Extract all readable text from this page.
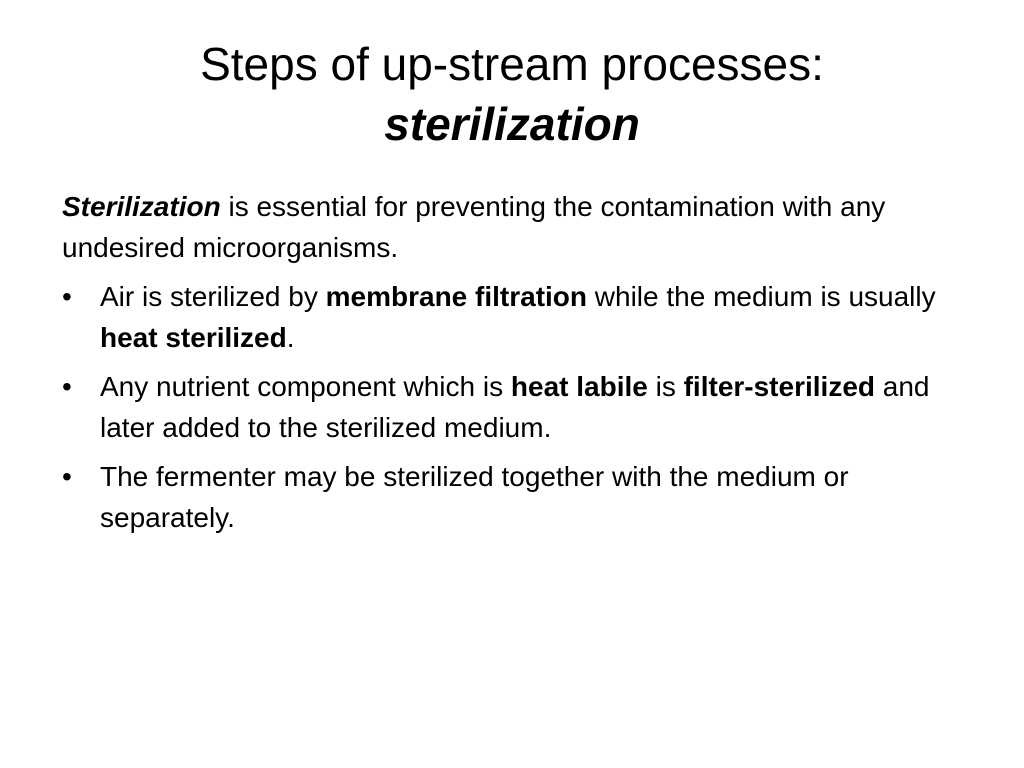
Steps of up-stream processes:
sterilization

Sterilization is essential for preventing the contamination with any undesired microorganisms.

• Air is sterilized by membrane filtration while the medium is usually heat sterilized.
• Any nutrient component which is heat labile is filter-sterilized and later added to the sterilized medium.
• The fermenter may be sterilized together with the medium or separately.
